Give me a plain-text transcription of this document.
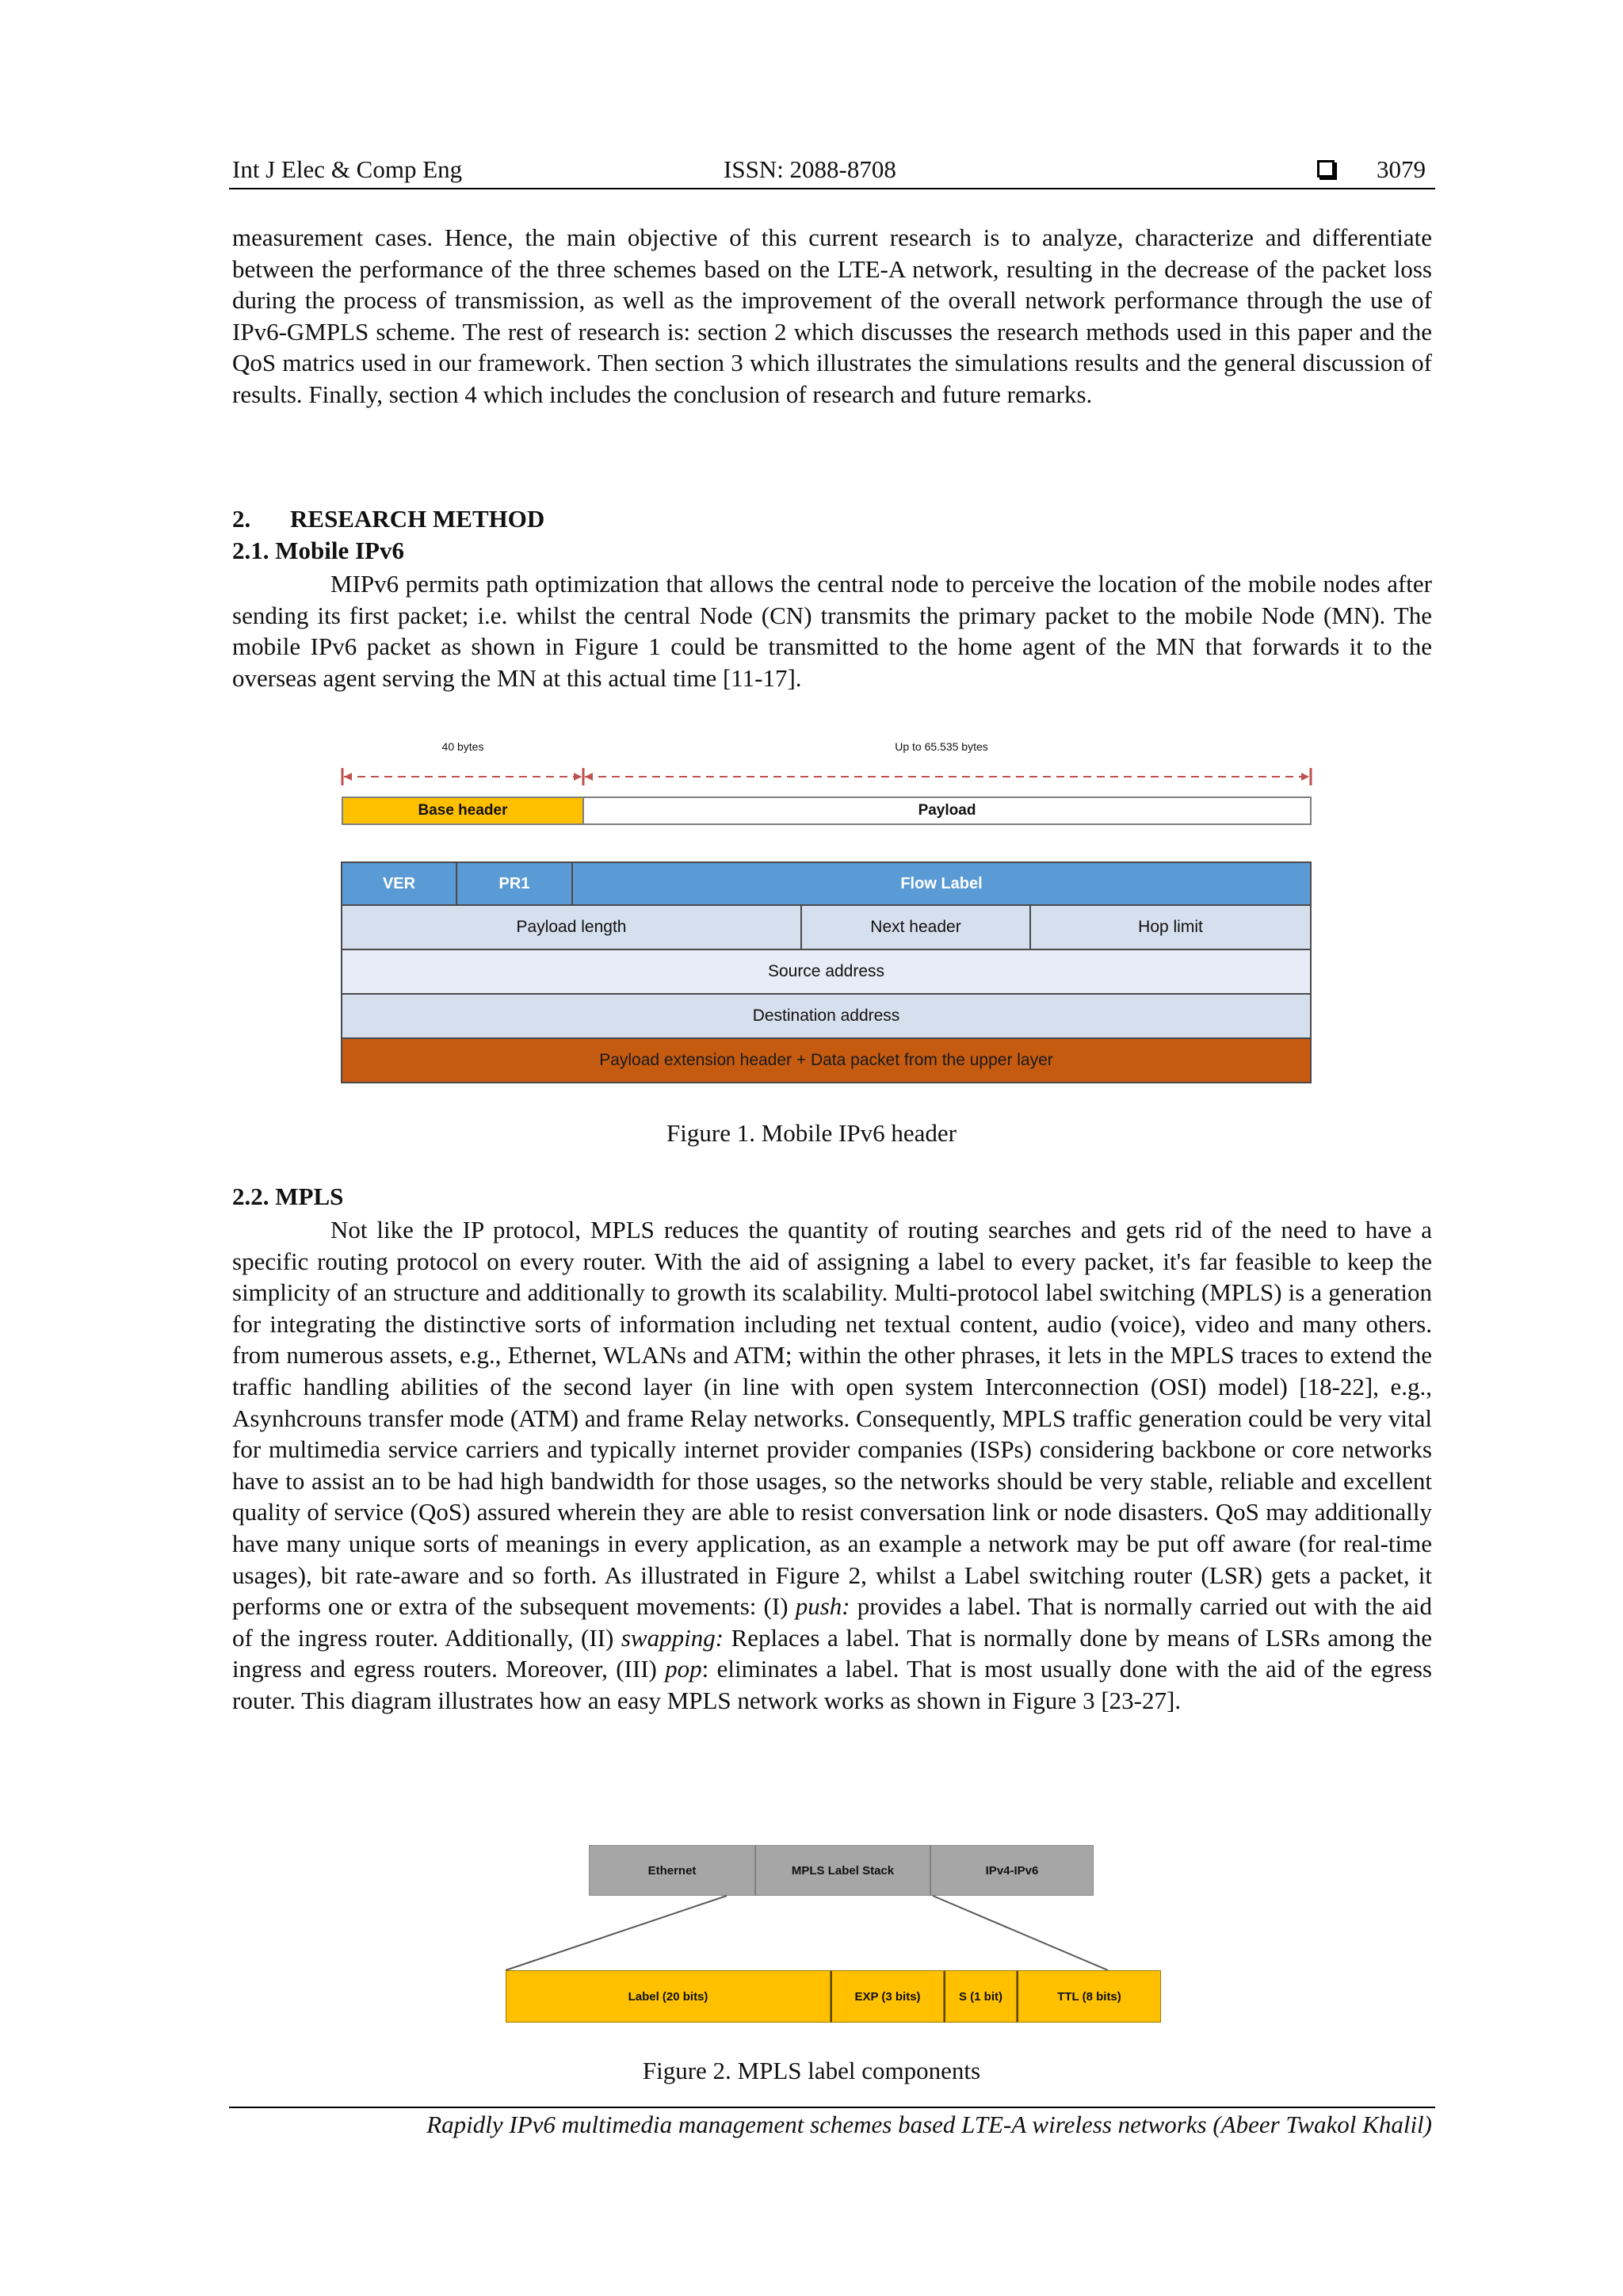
Int J Elec & Comp Eng	ISSN: 2088-8708	3079

measurement cases. Hence, the main objective of this current research is to analyze, characterize and differentiate between the performance of the three schemes based on the LTE-A network, resulting in the decrease of the packet loss during the process of transmission, as well as the improvement of the overall network performance through the use of IPv6-GMPLS scheme. The rest of research is: section 2 which discusses the research methods used in this paper and the QoS matrics used in our framework. Then section 3 which illustrates the simulations results and the general discussion of results. Finally, section 4 which includes the conclusion of research and future remarks.

2. RESEARCH METHOD
2.1. Mobile IPv6

MIPv6 permits path optimization that allows the central node to perceive the location of the mobile nodes after sending its first packet; i.e. whilst the central Node (CN) transmits the primary packet to the mobile Node (MN). The mobile IPv6 packet as shown in Figure 1 could be transmitted to the home agent of the MN that forwards it to the overseas agent serving the MN at this actual time [11-17].

40 bytes	Up to 65.535 bytes
Base header	Payload
VER	PR1	Flow Label
Payload length	Next header	Hop limit
Source address
Destination address
Payload extension header + Data packet from the upper layer
Figure 1. Mobile IPv6 header
2.2. MPLS

Not like the IP protocol, MPLS reduces the quantity of routing searches and gets rid of the need to have a specific routing protocol on every router. With the aid of assigning a label to every packet, it's far feasible to keep the simplicity of an structure and additionally to growth its scalability. Multi-protocol label switching (MPLS) is a generation for integrating the distinctive sorts of information including net textual content, audio (voice), video and many others. from numerous assets, e.g., Ethernet, WLANs and ATM; within the other phrases, it lets in the MPLS traces to extend the traffic handling abilities of the second layer (in line with open system Interconnection (OSI) model) [18-22], e.g., Asynhcrouns transfer mode (ATM) and frame Relay networks. Consequently, MPLS traffic generation could be very vital for multimedia service carriers and typically internet provider companies (ISPs) considering backbone or core networks have to assist an to be had high bandwidth for those usages, so the networks should be very stable, reliable and excellent quality of service (QoS) assured wherein they are able to resist conversation link or node disasters. QoS may additionally have many unique sorts of meanings in every application, as an example a network may be put off aware (for real-time usages), bit rate-aware and so forth. As illustrated in Figure 2, whilst a Label switching router (LSR) gets a packet, it performs one or extra of the subsequent movements: (I) push: provides a label. That is normally carried out with the aid of the ingress router. Additionally, (II) swapping: Replaces a label. That is normally done by means of LSRs among the ingress and egress routers. Moreover, (III) pop: eliminates a label. That is most usually done with the aid of the egress router. This diagram illustrates how an easy MPLS network works as shown in Figure 3 [23-27].

Ethernet	MPLS Label Stack	IPv4-IPv6
Label (20 bits)	EXP (3 bits)	S (1 bit)	TTL (8 bits)
Figure 2. MPLS label components
Rapidly IPv6 multimedia management schemes based LTE-A wireless networks (Abeer Twakol Khalil)
